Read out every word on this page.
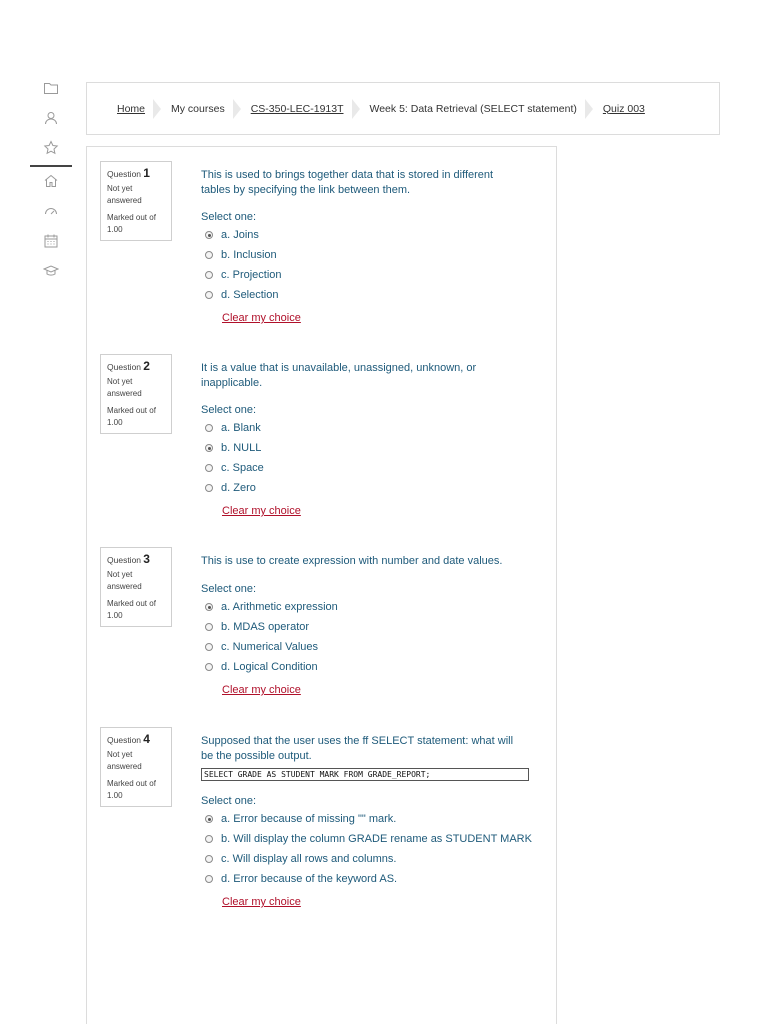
Home My courses CS-350-LEC-1913T Week 5: Data Retrieval (SELECT statement) Quiz 003
Question 1
Not yet answered
Marked out of 1.00
This is used to brings together data that is stored in different tables by specifying the link between them.
Select one:
a. Joins
b. Inclusion
c. Projection
d. Selection
Clear my choice
Question 2
Not yet answered
Marked out of 1.00
It is a value that is unavailable, unassigned, unknown, or inapplicable.
Select one:
a. Blank
b. NULL
c. Space
d. Zero
Clear my choice
Question 3
Not yet answered
Marked out of 1.00
This is use to create expression with number and date values.
Select one:
a. Arithmetic expression
b. MDAS operator
c. Numerical Values
d. Logical Condition
Clear my choice
Question 4
Not yet answered
Marked out of 1.00
Supposed that the user uses the ff SELECT statement: what will be the possible output.
SELECT GRADE AS STUDENT MARK FROM GRADE_REPORT;
Select one:
a. Error because of missing "" mark.
b. Will display the column GRADE rename as STUDENT MARK
c. Will display all rows and columns.
d. Error because of the keyword AS.
Clear my choice
